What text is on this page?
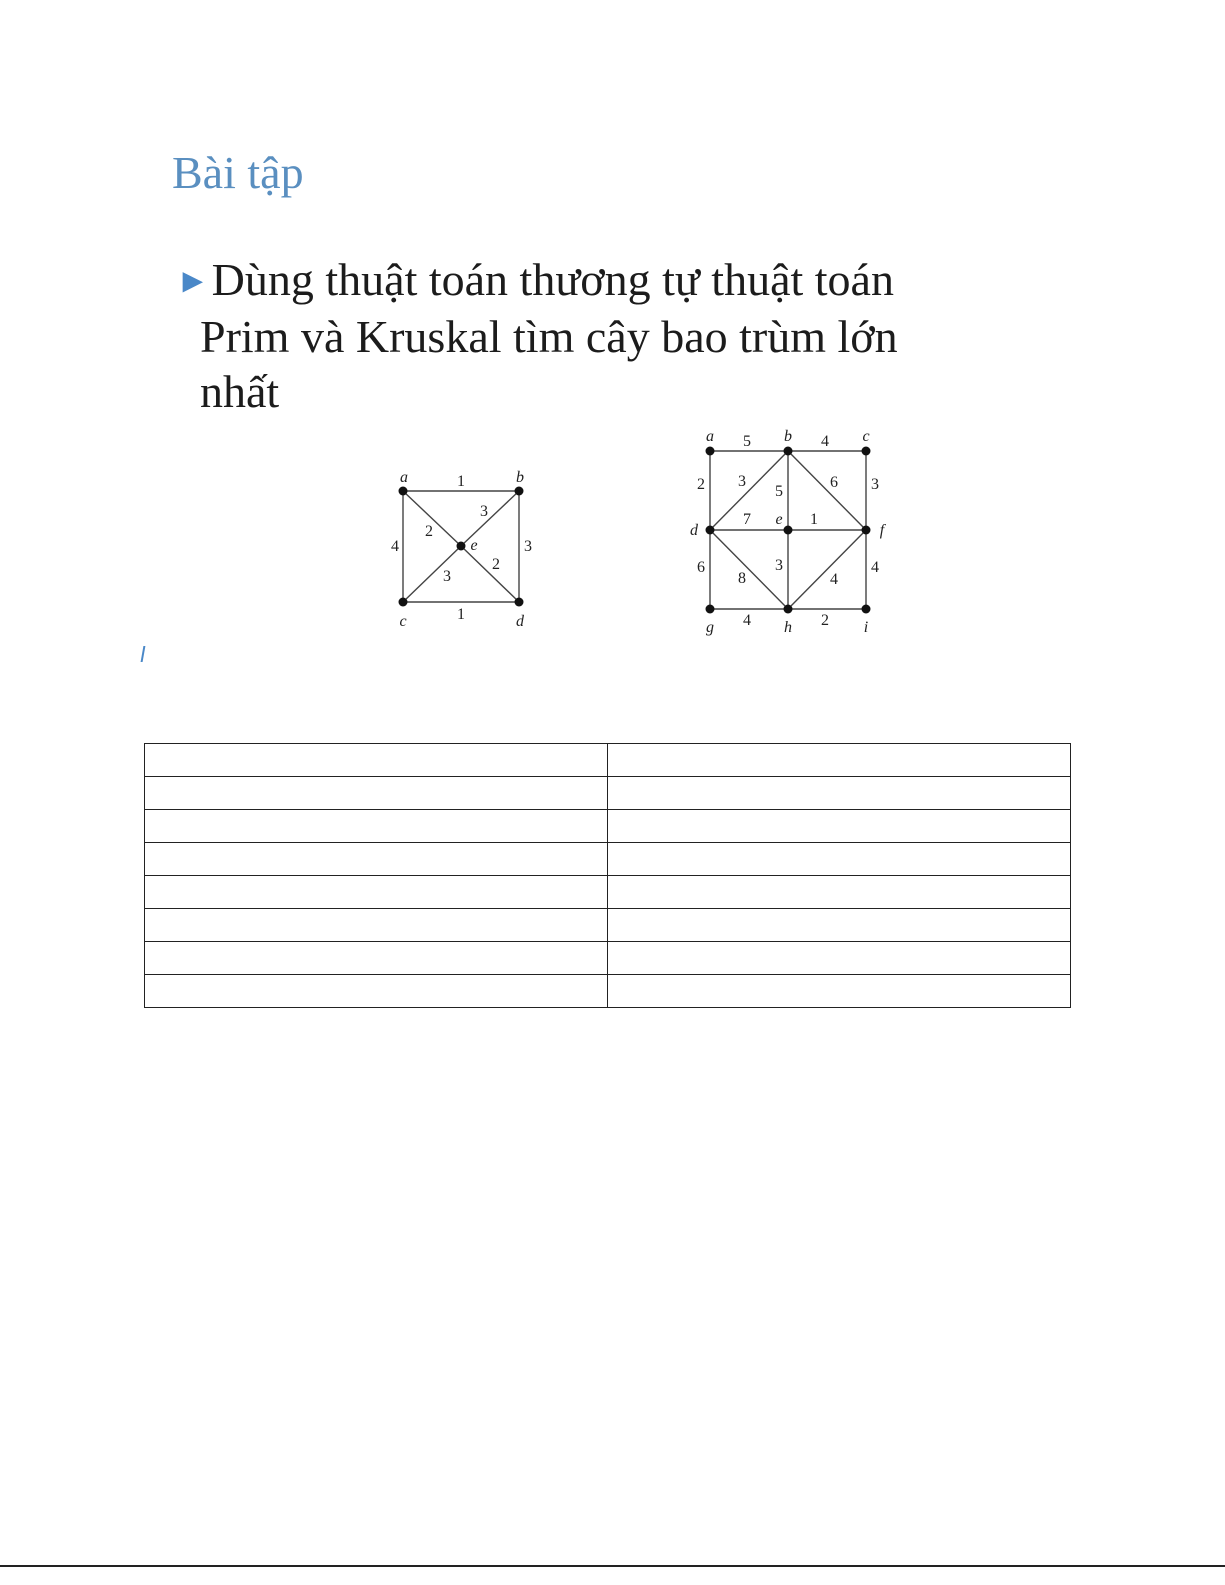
Bài tập
►Dùng thuật toán thương tự thuật toán
Prim và Kruskal tìm cây bao trùm lớn
nhất
1
4	3
1
2
3
3
2
a	b
c	d
e
5	4
2 3
5
6 3
7	1
6
8
3
4
4
4	2
a	b	c
d
e
f
g	h	i
